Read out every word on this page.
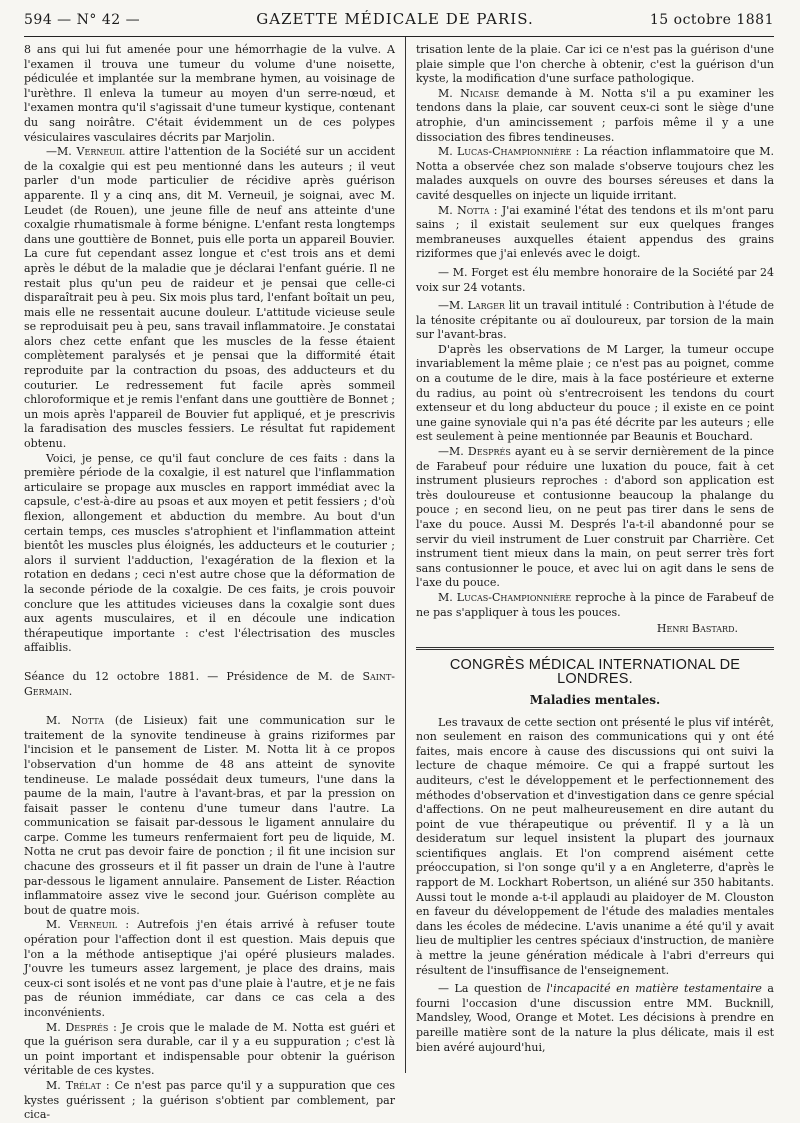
594 — N° 42 —	GAZETTE MÉDICALE DE PARIS.	15 octobre 1881

8 ans qui lui fut amenée pour une hémorrhagie de la vulve. A l'examen il trouva une tumeur du volume d'une noisette, pédiculée et implantée sur la membrane hymen, au voisinage de l'urèthre. Il enleva la tumeur au moyen d'un serre-nœud, et l'examen montra qu'il s'agissait d'une tumeur kystique, contenant du sang noirâtre. C'était évidemment un de ces polypes vésiculaires vasculaires décrits par Marjolin.

—M. Verneuil attire l'attention de la Société sur un accident de la coxalgie qui est peu mentionné dans les auteurs ; il veut parler d'un mode particulier de récidive après guérison apparente. Il y a cinq ans, dit M. Verneuil, je soignai, avec M. Leudet (de Rouen), une jeune fille de neuf ans atteinte d'une coxalgie rhumatismale à forme bénigne. L'enfant resta longtemps dans une gouttière de Bonnet, puis elle porta un appareil Bouvier. La cure fut cependant assez longue et c'est trois ans et demi après le début de la maladie que je déclarai l'enfant guérie. Il ne restait plus qu'un peu de raideur et je pensai que celle-ci disparaîtrait peu à peu. Six mois plus tard, l'enfant boîtait un peu, mais elle ne ressentait aucune douleur. L'attitude vicieuse seule se reproduisait peu à peu, sans travail inflammatoire. Je constatai alors chez cette enfant que les muscles de la fesse étaient complètement paralysés et je pensai que la difformité était reproduite par la contraction du psoas, des adducteurs et du couturier. Le redressement fut facile après sommeil chloroformique et je remis l'enfant dans une gouttière de Bonnet ; un mois après l'appareil de Bouvier fut appliqué, et je prescrivis la faradisation des muscles fessiers. Le résultat fut rapidement obtenu.

Voici, je pense, ce qu'il faut conclure de ces faits : dans la première période de la coxalgie, il est naturel que l'inflammation articulaire se propage aux muscles en rapport immédiat avec la capsule, c'est-à-dire au psoas et aux moyen et petit fessiers ; d'où flexion, allongement et abduction du membre. Au bout d'un certain temps, ces muscles s'atrophient et l'inflammation atteint bientôt les muscles plus éloignés, les adducteurs et le couturier ; alors il survient l'adduction, l'exagération de la flexion et la rotation en dedans ; ceci n'est autre chose que la déformation de la seconde période de la coxalgie. De ces faits, je crois pouvoir conclure que les attitudes vicieuses dans la coxalgie sont dues aux agents musculaires, et il en découle une indication thérapeutique importante : c'est l'électrisation des muscles affaiblis.

Séance du 12 octobre 1881. — Présidence de M. de Saint-Germain.

M. Notta (de Lisieux) fait une communication sur le traitement de la synovite tendineuse à grains riziformes par l'incision et le pansement de Lister. M. Notta lit à ce propos l'observation d'un homme de 48 ans atteint de synovite tendineuse. Le malade possédait deux tumeurs, l'une dans la paume de la main, l'autre à l'avant-bras, et par la pression on faisait passer le contenu d'une tumeur dans l'autre. La communication se faisait par-dessous le ligament annulaire du carpe. Comme les tumeurs renfermaient fort peu de liquide, M. Notta ne crut pas devoir faire de ponction ; il fit une incision sur chacune des grosseurs et il fit passer un drain de l'une à l'autre par-dessous le ligament annulaire. Pansement de Lister. Réaction inflammatoire assez vive le second jour. Guérison complète au bout de quatre mois.

M. Verneuil : Autrefois j'en étais arrivé à refuser toute opération pour l'affection dont il est question. Mais depuis que l'on a la méthode antiseptique j'ai opéré plusieurs malades. J'ouvre les tumeurs assez largement, je place des drains, mais ceux-ci sont isolés et ne vont pas d'une plaie à l'autre, et je ne fais pas de réunion immédiate, car dans ce cas cela a des inconvénients.

M. Després : Je crois que le malade de M. Notta est guéri et que la guérison sera durable, car il y a eu suppuration ; c'est là un point important et indispensable pour obtenir la guérison véritable de ces kystes.

M. Trélat : Ce n'est pas parce qu'il y a suppuration que ces kystes guérissent ; la guérison s'obtient par comblement, par cica-

trisation lente de la plaie. Car ici ce n'est pas la guérison d'une plaie simple que l'on cherche à obtenir, c'est la guérison d'un kyste, la modification d'une surface pathologique.

M. Nicaise demande à M. Notta s'il a pu examiner les tendons dans la plaie, car souvent ceux-ci sont le siège d'une atrophie, d'un amincissement ; parfois même il y a une dissociation des fibres tendineuses.

M. Lucas-Championnière : La réaction inflammatoire que M. Notta a observée chez son malade s'observe toujours chez les malades auxquels on ouvre des bourses séreuses et dans la cavité desquelles on injecte un liquide irritant.

M. Notta : J'ai examiné l'état des tendons et ils m'ont paru sains ; il existait seulement sur eux quelques franges membraneuses auxquelles étaient appendus des grains riziformes que j'ai enlevés avec le doigt.

— M. Forget est élu membre honoraire de la Société par 24 voix sur 24 votants.

—M. Larger lit un travail intitulé : Contribution à l'étude de la ténosite crépitante ou aï douloureux, par torsion de la main sur l'avant-bras.

D'après les observations de M Larger, la tumeur occupe invariablement la même plaie ; ce n'est pas au poignet, comme on a coutume de le dire, mais à la face postérieure et externe du radius, au point où s'entrecroisent les tendons du court extenseur et du long abducteur du pouce ; il existe en ce point une gaine synoviale qui n'a pas été décrite par les auteurs ; elle est seulement à peine mentionnée par Beaunis et Bouchard.

—M. Després ayant eu à se servir dernièrement de la pince de Farabeuf pour réduire une luxation du pouce, fait à cet instrument plusieurs reproches : d'abord son application est très douloureuse et contusionne beaucoup la phalange du pouce ; en second lieu, on ne peut pas tirer dans le sens de l'axe du pouce. Aussi M. Després l'a-t-il abandonné pour se servir du vieil instrument de Luer construit par Charrière. Cet instrument tient mieux dans la main, on peut serrer très fort sans contusionner le pouce, et avec lui on agit dans le sens de l'axe du pouce.

M. Lucas-Championnière reproche à la pince de Farabeuf de ne pas s'appliquer à tous les pouces.

Henri Bastard.

CONGRÈS MÉDICAL INTERNATIONAL DE LONDRES.

Maladies mentales.

Les travaux de cette section ont présenté le plus vif intérêt, non seulement en raison des communications qui y ont été faites, mais encore à cause des discussions qui ont suivi la lecture de chaque mémoire. Ce qui a frappé surtout les auditeurs, c'est le développement et le perfectionnement des méthodes d'observation et d'investigation dans ce genre spécial d'affections. On ne peut malheureusement en dire autant du point de vue thérapeutique ou préventif. Il y a là un desideratum sur lequel insistent la plupart des journaux scientifiques anglais. Et l'on comprend aisément cette préoccupation, si l'on songe qu'il y a en Angleterre, d'après le rapport de M. Lockhart Robertson, un aliéné sur 350 habitants. Aussi tout le monde a-t-il applaudi au plaidoyer de M. Clouston en faveur du développement de l'étude des maladies mentales dans les écoles de médecine. L'avis unanime a été qu'il y avait lieu de multiplier les centres spéciaux d'instruction, de manière à mettre la jeune génération médicale à l'abri d'erreurs qui résultent de l'insuffisance de l'enseignement.

— La question de l'incapacité en matière testamentaire a fourni l'occasion d'une discussion entre MM. Bucknill, Mandsley, Wood, Orange et Motet. Les décisions à prendre en pareille matière sont de la nature la plus délicate, mais il est bien avéré aujourd'hui,
